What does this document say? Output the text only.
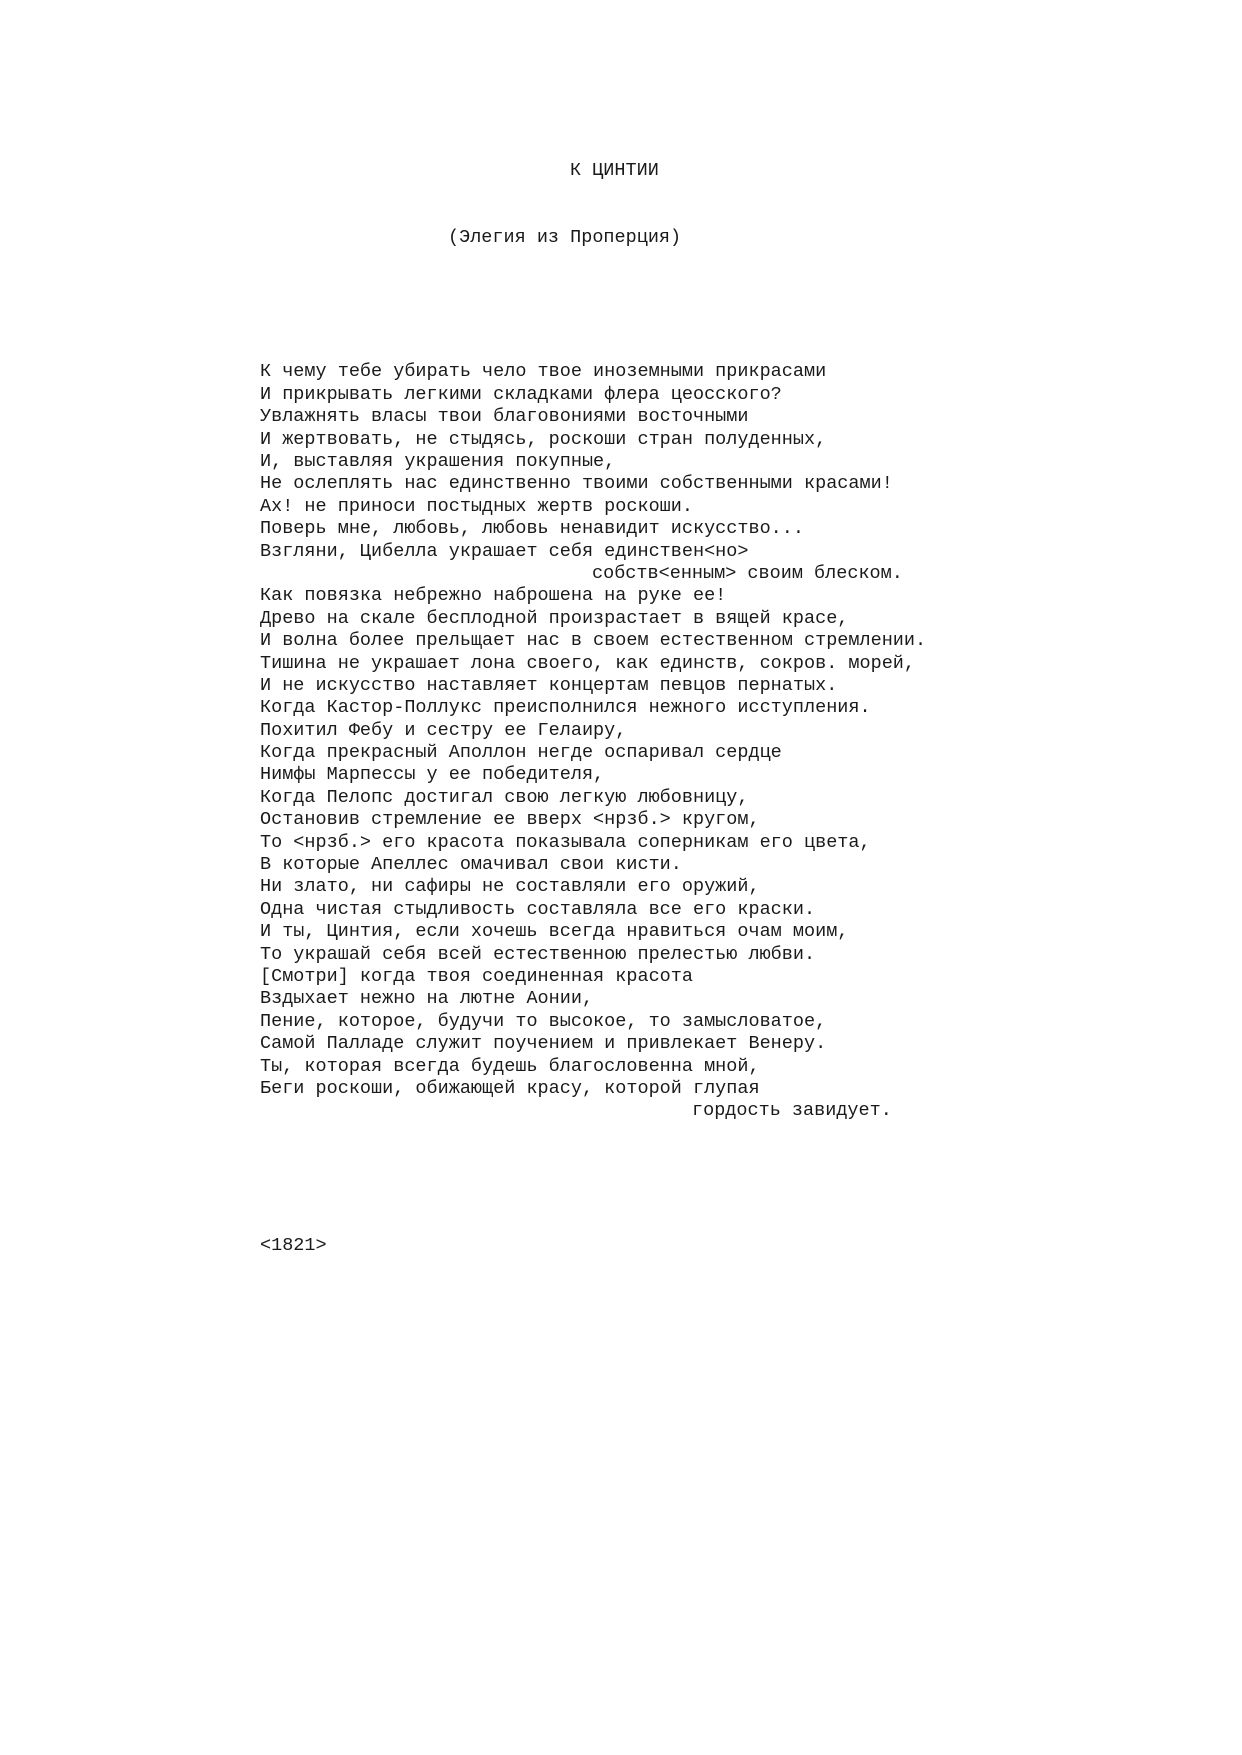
К ЦИНТИИ

(Элегия из Проперция)

К чему тебе убирать чело твое иноземными прикрасами
И прикрывать легкими складками флера цеосского?
Увлажнять власы твои благовониями восточными
И жертвовать, не стыдясь, роскоши стран полуденных,
И, выставляя украшения покупные,
Не ослеплять нас единственно твоими собственными красами!
Ах! не приноси постыдных жертв роскоши.
Поверь мне, любовь, любовь ненавидит искусство...
Взгляни, Цибелла украшает себя единствен<но>
собств<енным> своим блеском.
Как повязка небрежно наброшена на руке ее!
Древо на скале бесплодной произрастает в вящей красе,
И волна более прельщает нас в своем естественном стремлении.
Тишина не украшает лона своего, как единств, сокров. морей,
И не искусство наставляет концертам певцов пернатых.
Когда Кастор-Поллукс преисполнился нежного исступления.
Похитил Фебу и сестру ее Гелаиру,
Когда прекрасный Аполлон негде оспаривал сердце
Нимфы Марпессы у ее победителя,
Когда Пелопс достигал свою легкую любовницу,
Остановив стремление ее вверх <нрзб.> кругом,
То <нрзб.> его красота показывала соперникам его цвета,
В которые Апеллес омачивал свои кисти.
Ни злато, ни сафиры не составляли его оружий,
Одна чистая стыдливость составляла все его краски.
И ты, Цинтия, если хочешь всегда нравиться очам моим,
То украшай себя всей естественною прелестью любви.
[Смотри] когда твоя соединенная красота
Вздыхает нежно на лютне Аонии,
Пение, которое, будучи то высокое, то замысловатое,
Самой Палладе служит поучением и привлекает Венеру.
Ты, которая всегда будешь благословенна мной,
Беги роскоши, обижающей красу, которой глупая
гордость завидует.

<1821>
